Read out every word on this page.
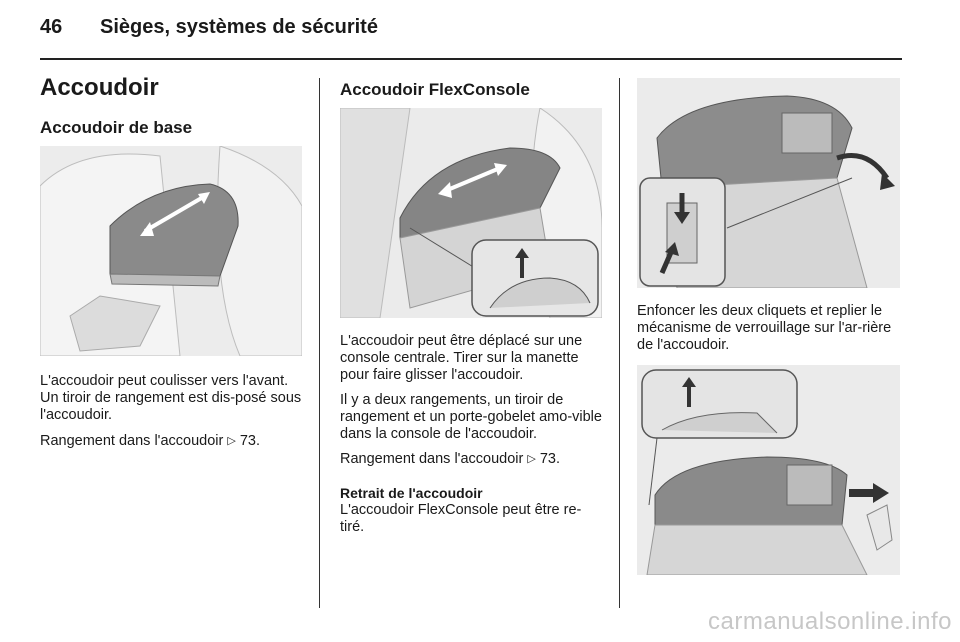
46 Sièges, systèmes de sécurité
Accoudoir
Accoudoir de base

L'accoudoir peut coulisser vers l'avant. Un tiroir de rangement est dis-posé sous l'accoudoir.

Rangement dans l'accoudoir ▷ 73.

Accoudoir FlexConsole

L'accoudoir peut être déplacé sur une console centrale. Tirer sur la manette pour faire glisser l'accoudoir.

Il y a deux rangements, un tiroir de rangement et un porte-gobelet amo-vible dans la console de l'accoudoir.

Rangement dans l'accoudoir ▷ 73.

Retrait de l'accoudoir

L'accoudoir FlexConsole peut être re-tiré.

Enfoncer les deux cliquets et replier le mécanisme de verrouillage sur l'ar-rière de l'accoudoir.

carmanualsonline.info
